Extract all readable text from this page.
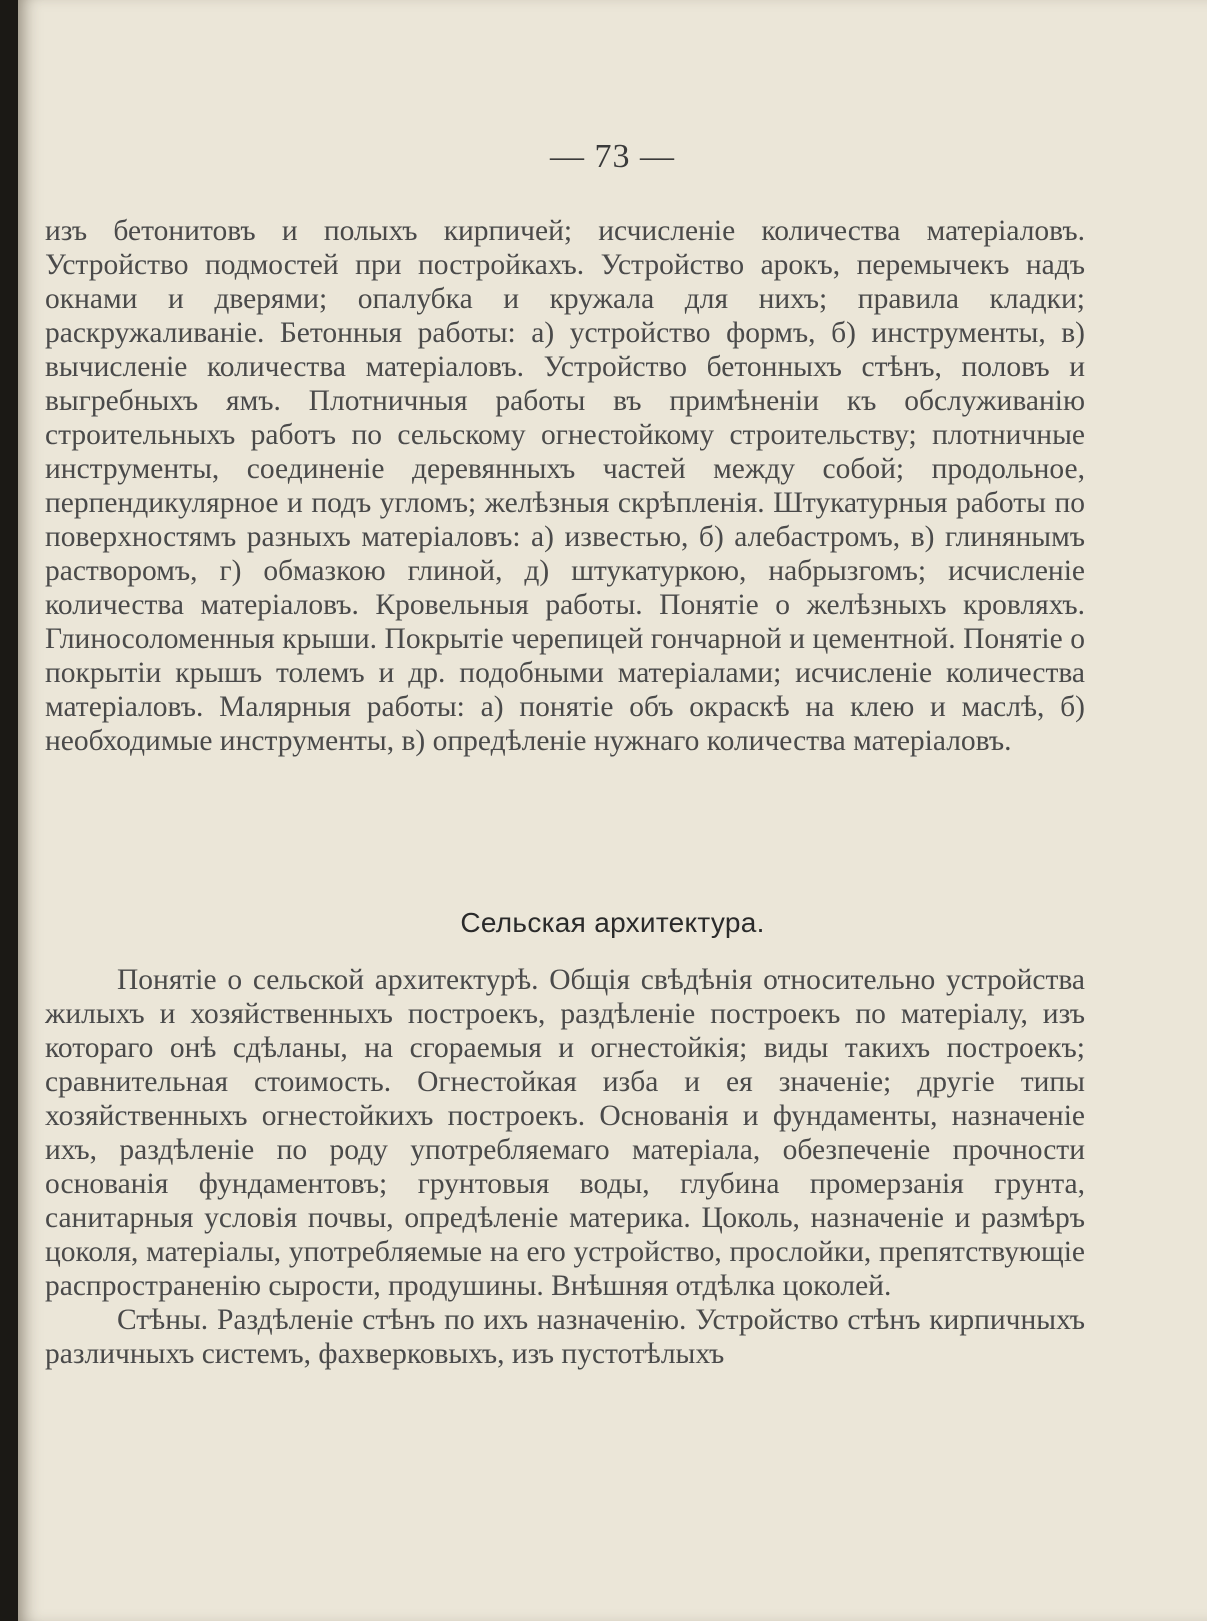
— 73 —

изъ бетонитовъ и полыхъ кирпичей; исчисленіе количества матеріаловъ. Устройство подмостей при постройкахъ. Устройство арокъ, перемычекъ надъ окнами и дверями; опалубка и кружала для нихъ; правила кладки; раскружаливаніе. Бетонныя работы: а) устройство формъ, б) инструменты, в) вычисленіе количества матеріаловъ. Устройство бетонныхъ стѣнъ, половъ и выгребныхъ ямъ. Плотничныя работы въ примѣненіи къ обслуживанію строительныхъ работъ по сельскому огнестойкому строительству; плотничные инструменты, соединеніе деревянныхъ частей между собой; продольное, перпендикулярное и подъ угломъ; желѣзныя скрѣпленія. Штукатурныя работы по поверхностямъ разныхъ матеріаловъ: а) известью, б) алебастромъ, в) глинянымъ растворомъ, г) обмазкою глиной, д) штукатуркою, набрызгомъ; исчисленіе количества матеріаловъ. Кровельныя работы. Понятіе о желѣзныхъ кровляхъ. Глиносоломенныя крыши. Покрытіе черепицей гончарной и цементной. Понятіе о покрытіи крышъ толемъ и др. подобными матеріалами; исчисленіе количества матеріаловъ. Малярныя работы: а) понятіе объ окраскѣ на клею и маслѣ, б) необходимые инструменты, в) опредѣленіе нужнаго количества матеріаловъ.

Сельская архитектура.

Понятіе о сельской архитектурѣ. Общія свѣдѣнія относительно устройства жилыхъ и хозяйственныхъ построекъ, раздѣленіе построекъ по матеріалу, изъ котораго онѣ сдѣланы, на сгораемыя и огнестойкія; виды такихъ построекъ; сравнительная стоимость. Огнестойкая изба и ея значеніе; другіе типы хозяйственныхъ огнестойкихъ построекъ. Основанія и фундаменты, назначеніе ихъ, раздѣленіе по роду употребляемаго матеріала, обезпеченіе прочности основанія фундаментовъ; грунтовыя воды, глубина промерзанія грунта, санитарныя условія почвы, опредѣленіе материка. Цоколь, назначеніе и размѣръ цоколя, матеріалы, употребляемые на его устройство, прослойки, препятствующіе распространенію сырости, продушины. Внѣшняя отдѣлка цоколей.

Стѣны. Раздѣленіе стѣнъ по ихъ назначенію. Устройство стѣнъ кирпичныхъ различныхъ системъ, фахверковыхъ, изъ пустотѣлыхъ
